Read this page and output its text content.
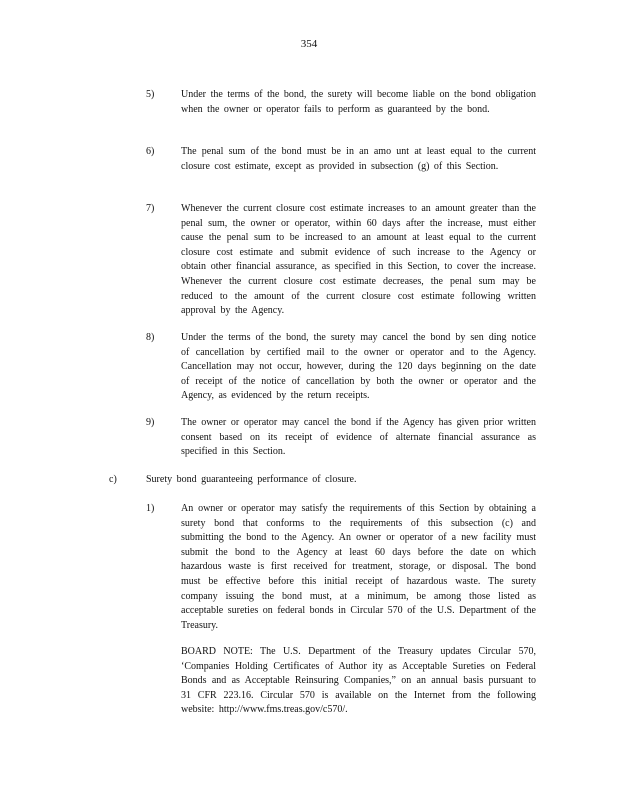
354
5)	Under the terms of the bond, the surety will become liable on the bond obligation when the owner or operator fails to perform as guaranteed by the bond.
6)	The penal sum of the bond must be in an amo unt at least equal to the current closure cost estimate, except as provided in subsection (g) of this Section.
7)	Whenever the current closure cost estimate increases to an amount greater than the penal sum, the owner or operator, within 60 days after the increase, must either cause the penal sum to be increased to an amount at least equal to the current closure cost estimate and submit evidence of such increase to the Agency or obtain other financial assurance, as specified in this Section, to cover the increase. Whenever the current closure cost estimate decreases, the penal sum may be reduced to the amount of the current closure cost estimate following written approval by the Agency.
8)	Under the terms of the bond, the surety may cancel the bond by sen ding notice of cancellation by certified mail to the owner or operator and to the Agency. Cancellation may not occur, however, during the 120 days beginning on the date of receipt of the notice of cancellation by both the owner or operator and the Agency, as evidenced by the return receipts.
9)	The owner or operator may cancel the bond if the Agency has given prior written consent based on its receipt of evidence of alternate financial assurance as specified in this Section.
c)	Surety bond guaranteeing performance of closure.
1)	An owner or operator may satisfy the requirements of this Section by obtaining a surety bond that conforms to the requirements of this subsection (c) and submitting the bond to the Agency. An owner or operator of a new facility must submit the bond to the Agency at least 60 days before the date on which hazardous waste is first received for treatment, storage, or disposal. The bond must be effective before this initial receipt of hazardous waste. The surety company issuing the bond must, at a minimum, be among those listed as acceptable sureties on federal bonds in Circular 570 of the U.S. Department of the Treasury.
BOARD NOTE: The U.S. Department of the Treasury updates Circular 570, ‘Companies Holding Certificates of Author ity as Acceptable Sureties on Federal Bonds and as Acceptable Reinsuring Companies,” on an annual basis pursuant to 31 CFR 223.16. Circular 570 is available on the Internet from the following website: http://www.fms.treas.gov/c570/.
